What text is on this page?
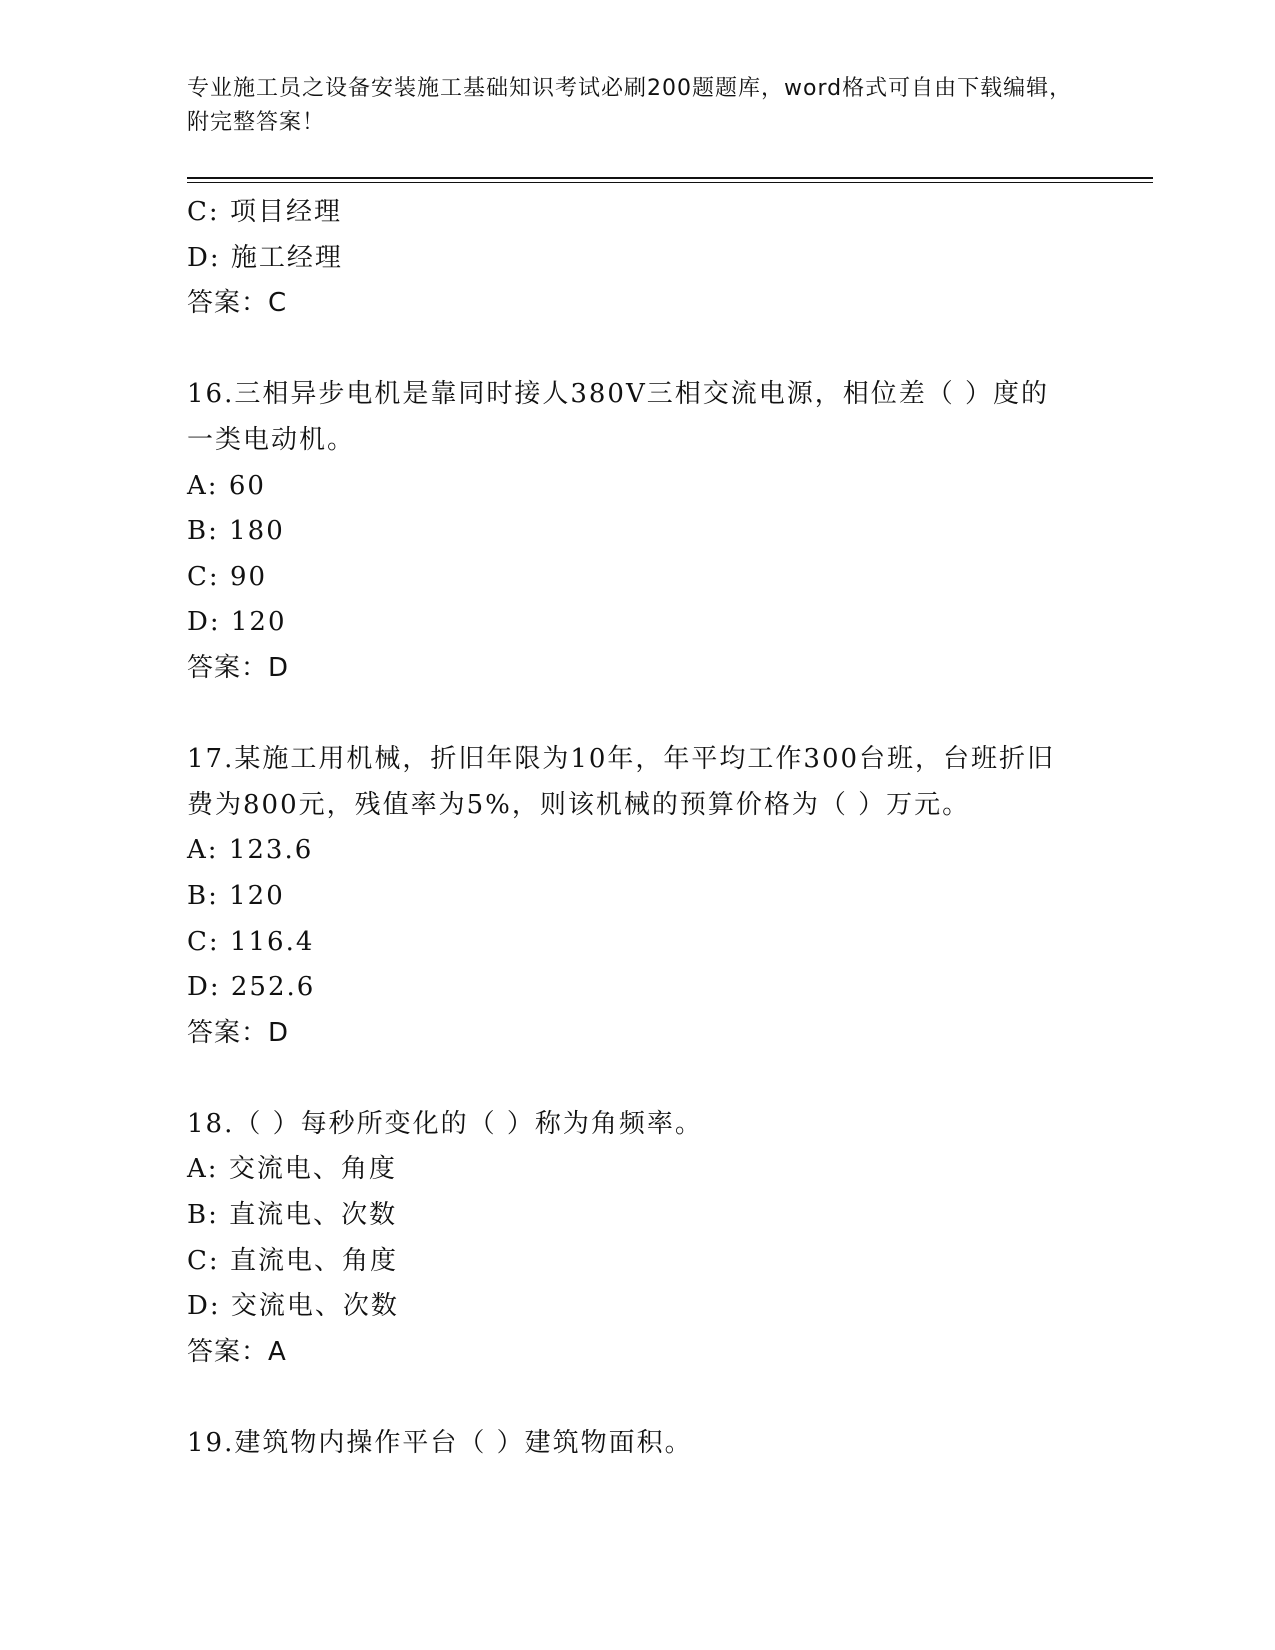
专业施工员之设备安装施工基础知识考试必刷200题题库，word格式可自由下载编辑，附完整答案！
C: 项目经理
D: 施工经理
答案：C
16.三相异步电机是靠同时接人380V三相交流电源，相位差（ ）度的一类电动机。
A: 60
B: 180
C: 90
D: 120
答案：D
17.某施工用机械，折旧年限为10年，年平均工作300台班，台班折旧费为800元，残值率为5%，则该机械的预算价格为（ ）万元。
A: 123.6
B: 120
C: 116.4
D: 252.6
答案：D
18.（ ）每秒所变化的（ ）称为角频率。
A: 交流电、角度
B: 直流电、次数
C: 直流电、角度
D: 交流电、次数
答案：A
19.建筑物内操作平台（ ）建筑物面积。
